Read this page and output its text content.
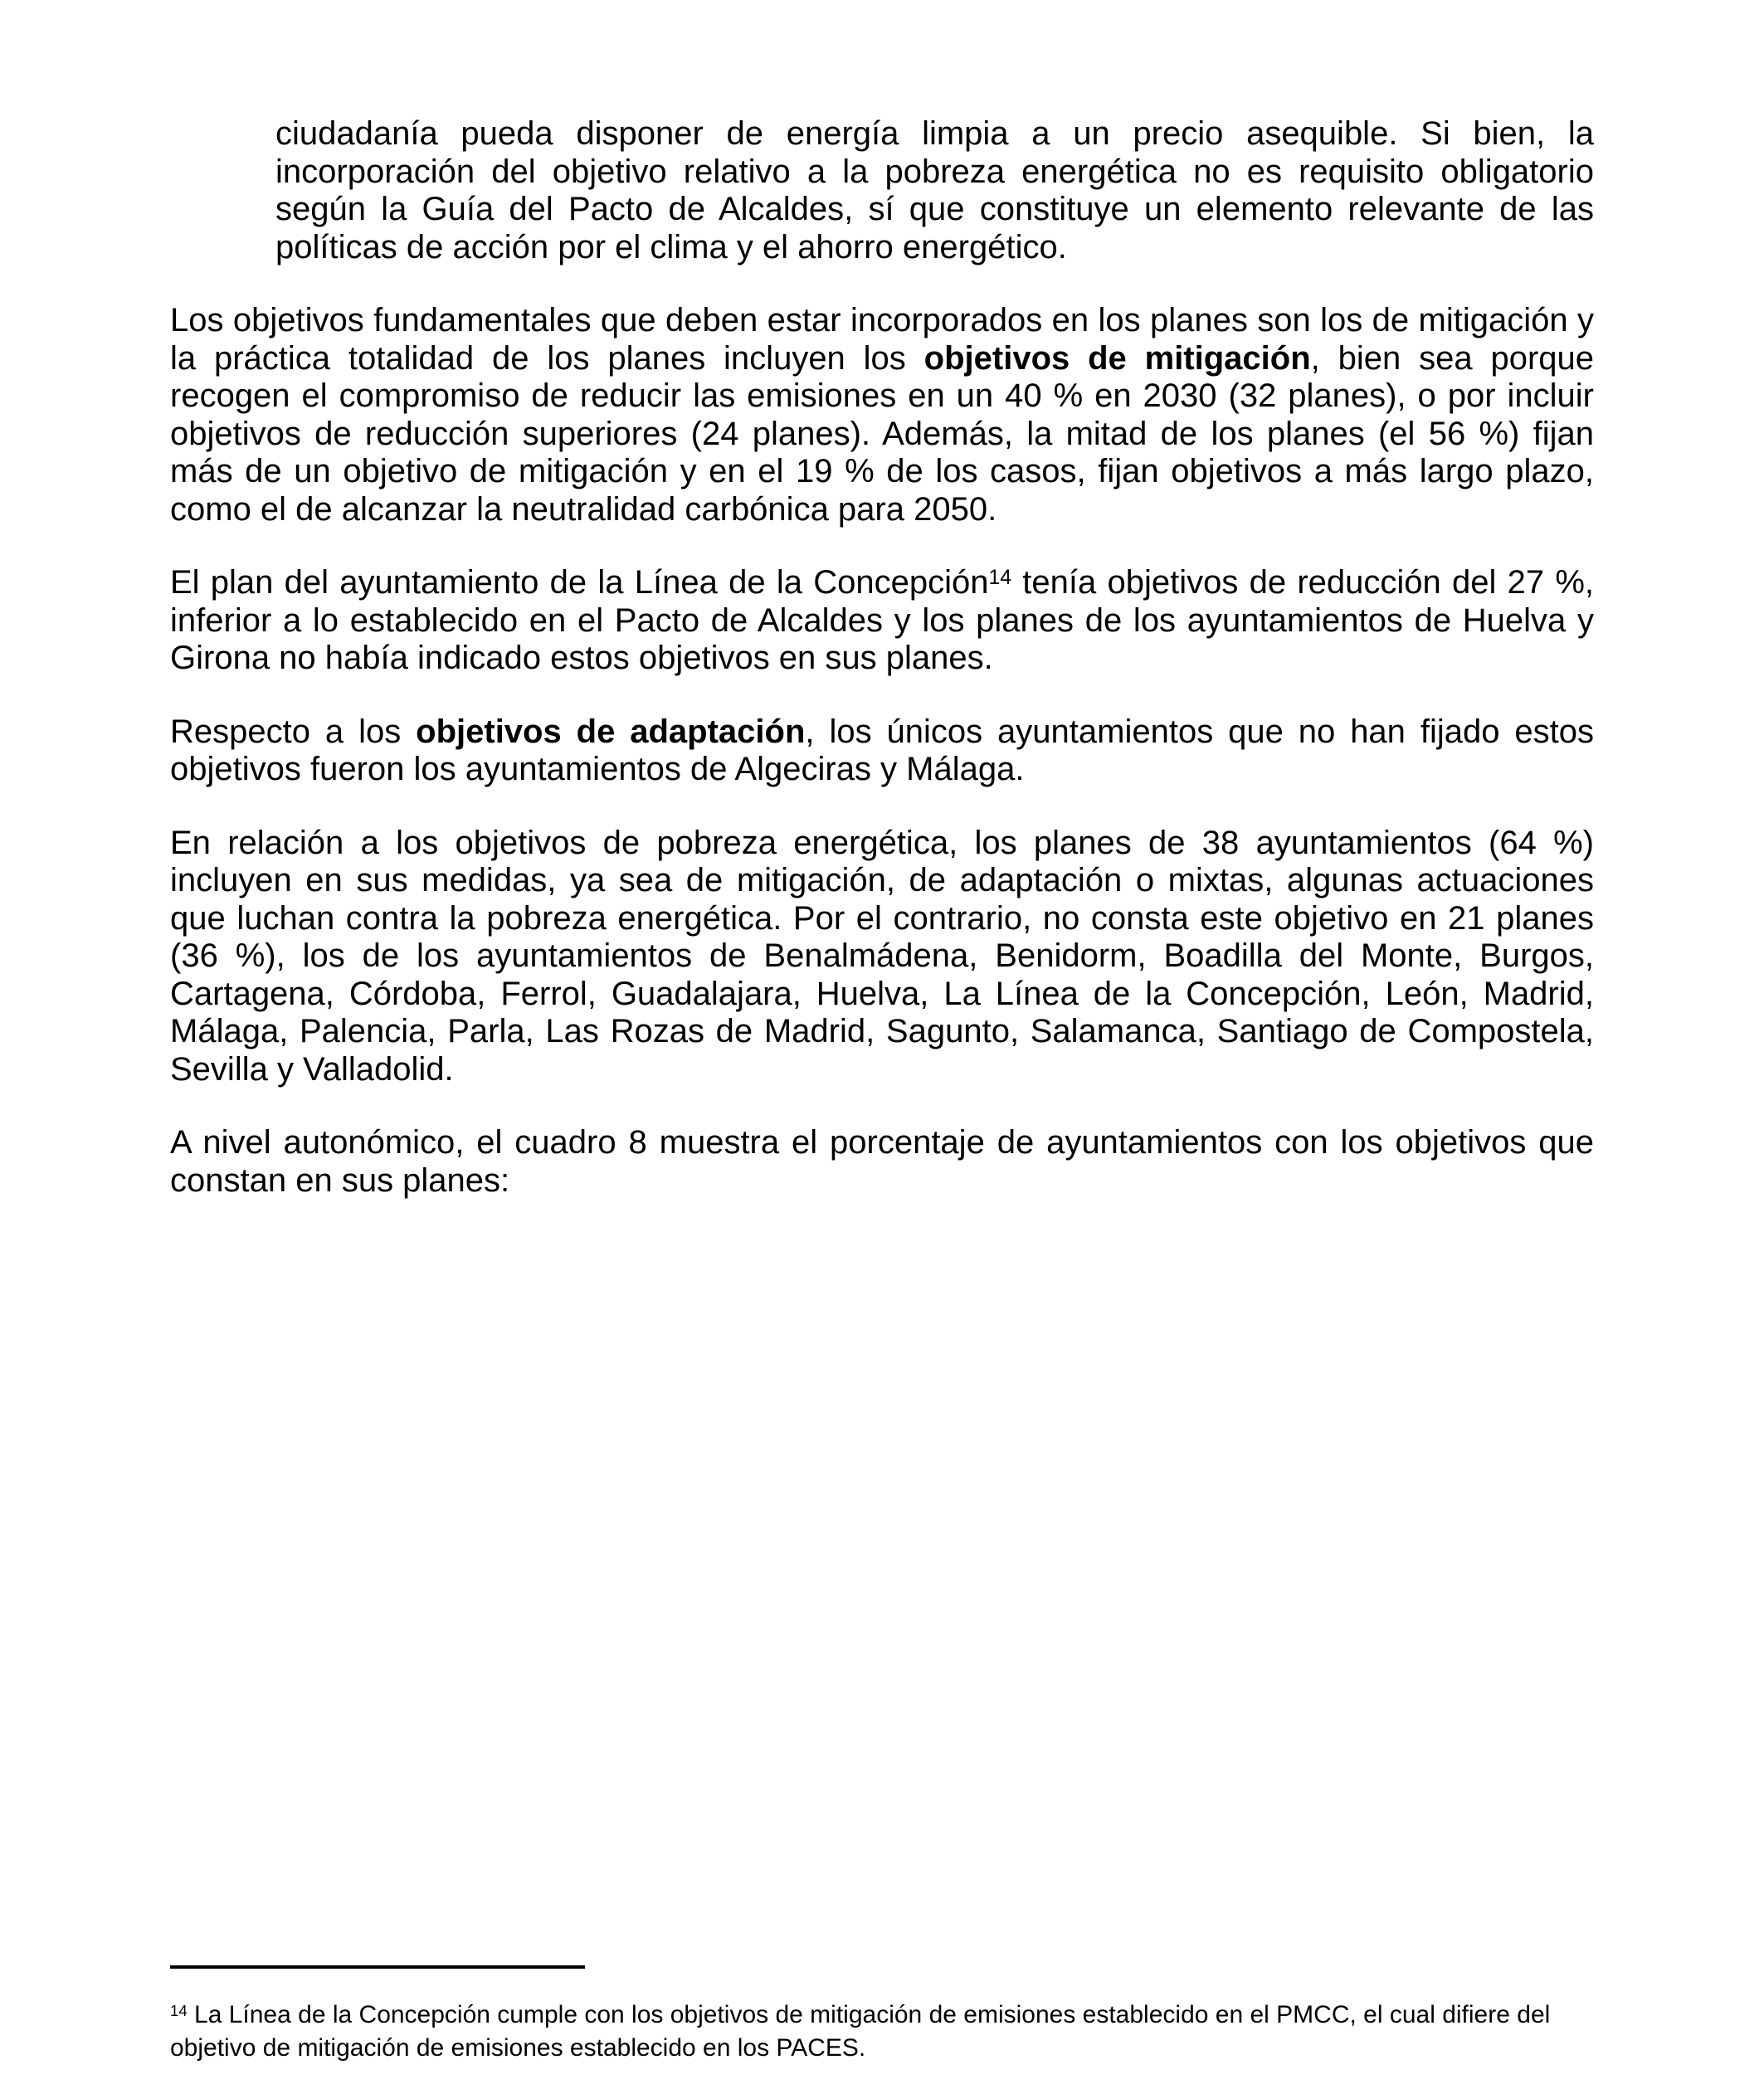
ciudadanía pueda disponer de energía limpia a un precio asequible. Si bien, la incorporación del objetivo relativo a la pobreza energética no es requisito obligatorio según la Guía del Pacto de Alcaldes, sí que constituye un elemento relevante de las políticas de acción por el clima y el ahorro energético.

Los objetivos fundamentales que deben estar incorporados en los planes son los de mitigación y la práctica totalidad de los planes incluyen los objetivos de mitigación, bien sea porque recogen el compromiso de reducir las emisiones en un 40 % en 2030 (32 planes), o por incluir objetivos de reducción superiores (24 planes). Además, la mitad de los planes (el 56 %) fijan más de un objetivo de mitigación y en el 19 % de los casos, fijan objetivos a más largo plazo, como el de alcanzar la neutralidad carbónica para 2050.

El plan del ayuntamiento de la Línea de la Concepción$^{14}$ tenía objetivos de reducción del 27 %, inferior a lo establecido en el Pacto de Alcaldes y los planes de los ayuntamientos de Huelva y Girona no había indicado estos objetivos en sus planes.

Respecto a los objetivos de adaptación, los únicos ayuntamientos que no han fijado estos objetivos fueron los ayuntamientos de Algeciras y Málaga.

En relación a los objetivos de pobreza energética, los planes de 38 ayuntamientos (64 %) incluyen en sus medidas, ya sea de mitigación, de adaptación o mixtas, algunas actuaciones que luchan contra la pobreza energética. Por el contrario, no consta este objetivo en 21 planes (36 %), los de los ayuntamientos de Benalmádena, Benidorm, Boadilla del Monte, Burgos, Cartagena, Córdoba, Ferrol, Guadalajara, Huelva, La Línea de la Concepción, León, Madrid, Málaga, Palencia, Parla, Las Rozas de Madrid, Sagunto, Salamanca, Santiago de Compostela, Sevilla y Valladolid.

A nivel autonómico, el cuadro 8 muestra el porcentaje de ayuntamientos con los objetivos que constan en sus planes:

$^{14}$ La Línea de la Concepción cumple con los objetivos de mitigación de emisiones establecido en el PMCC, el cual difiere del objetivo de mitigación de emisiones establecido en los PACES.
